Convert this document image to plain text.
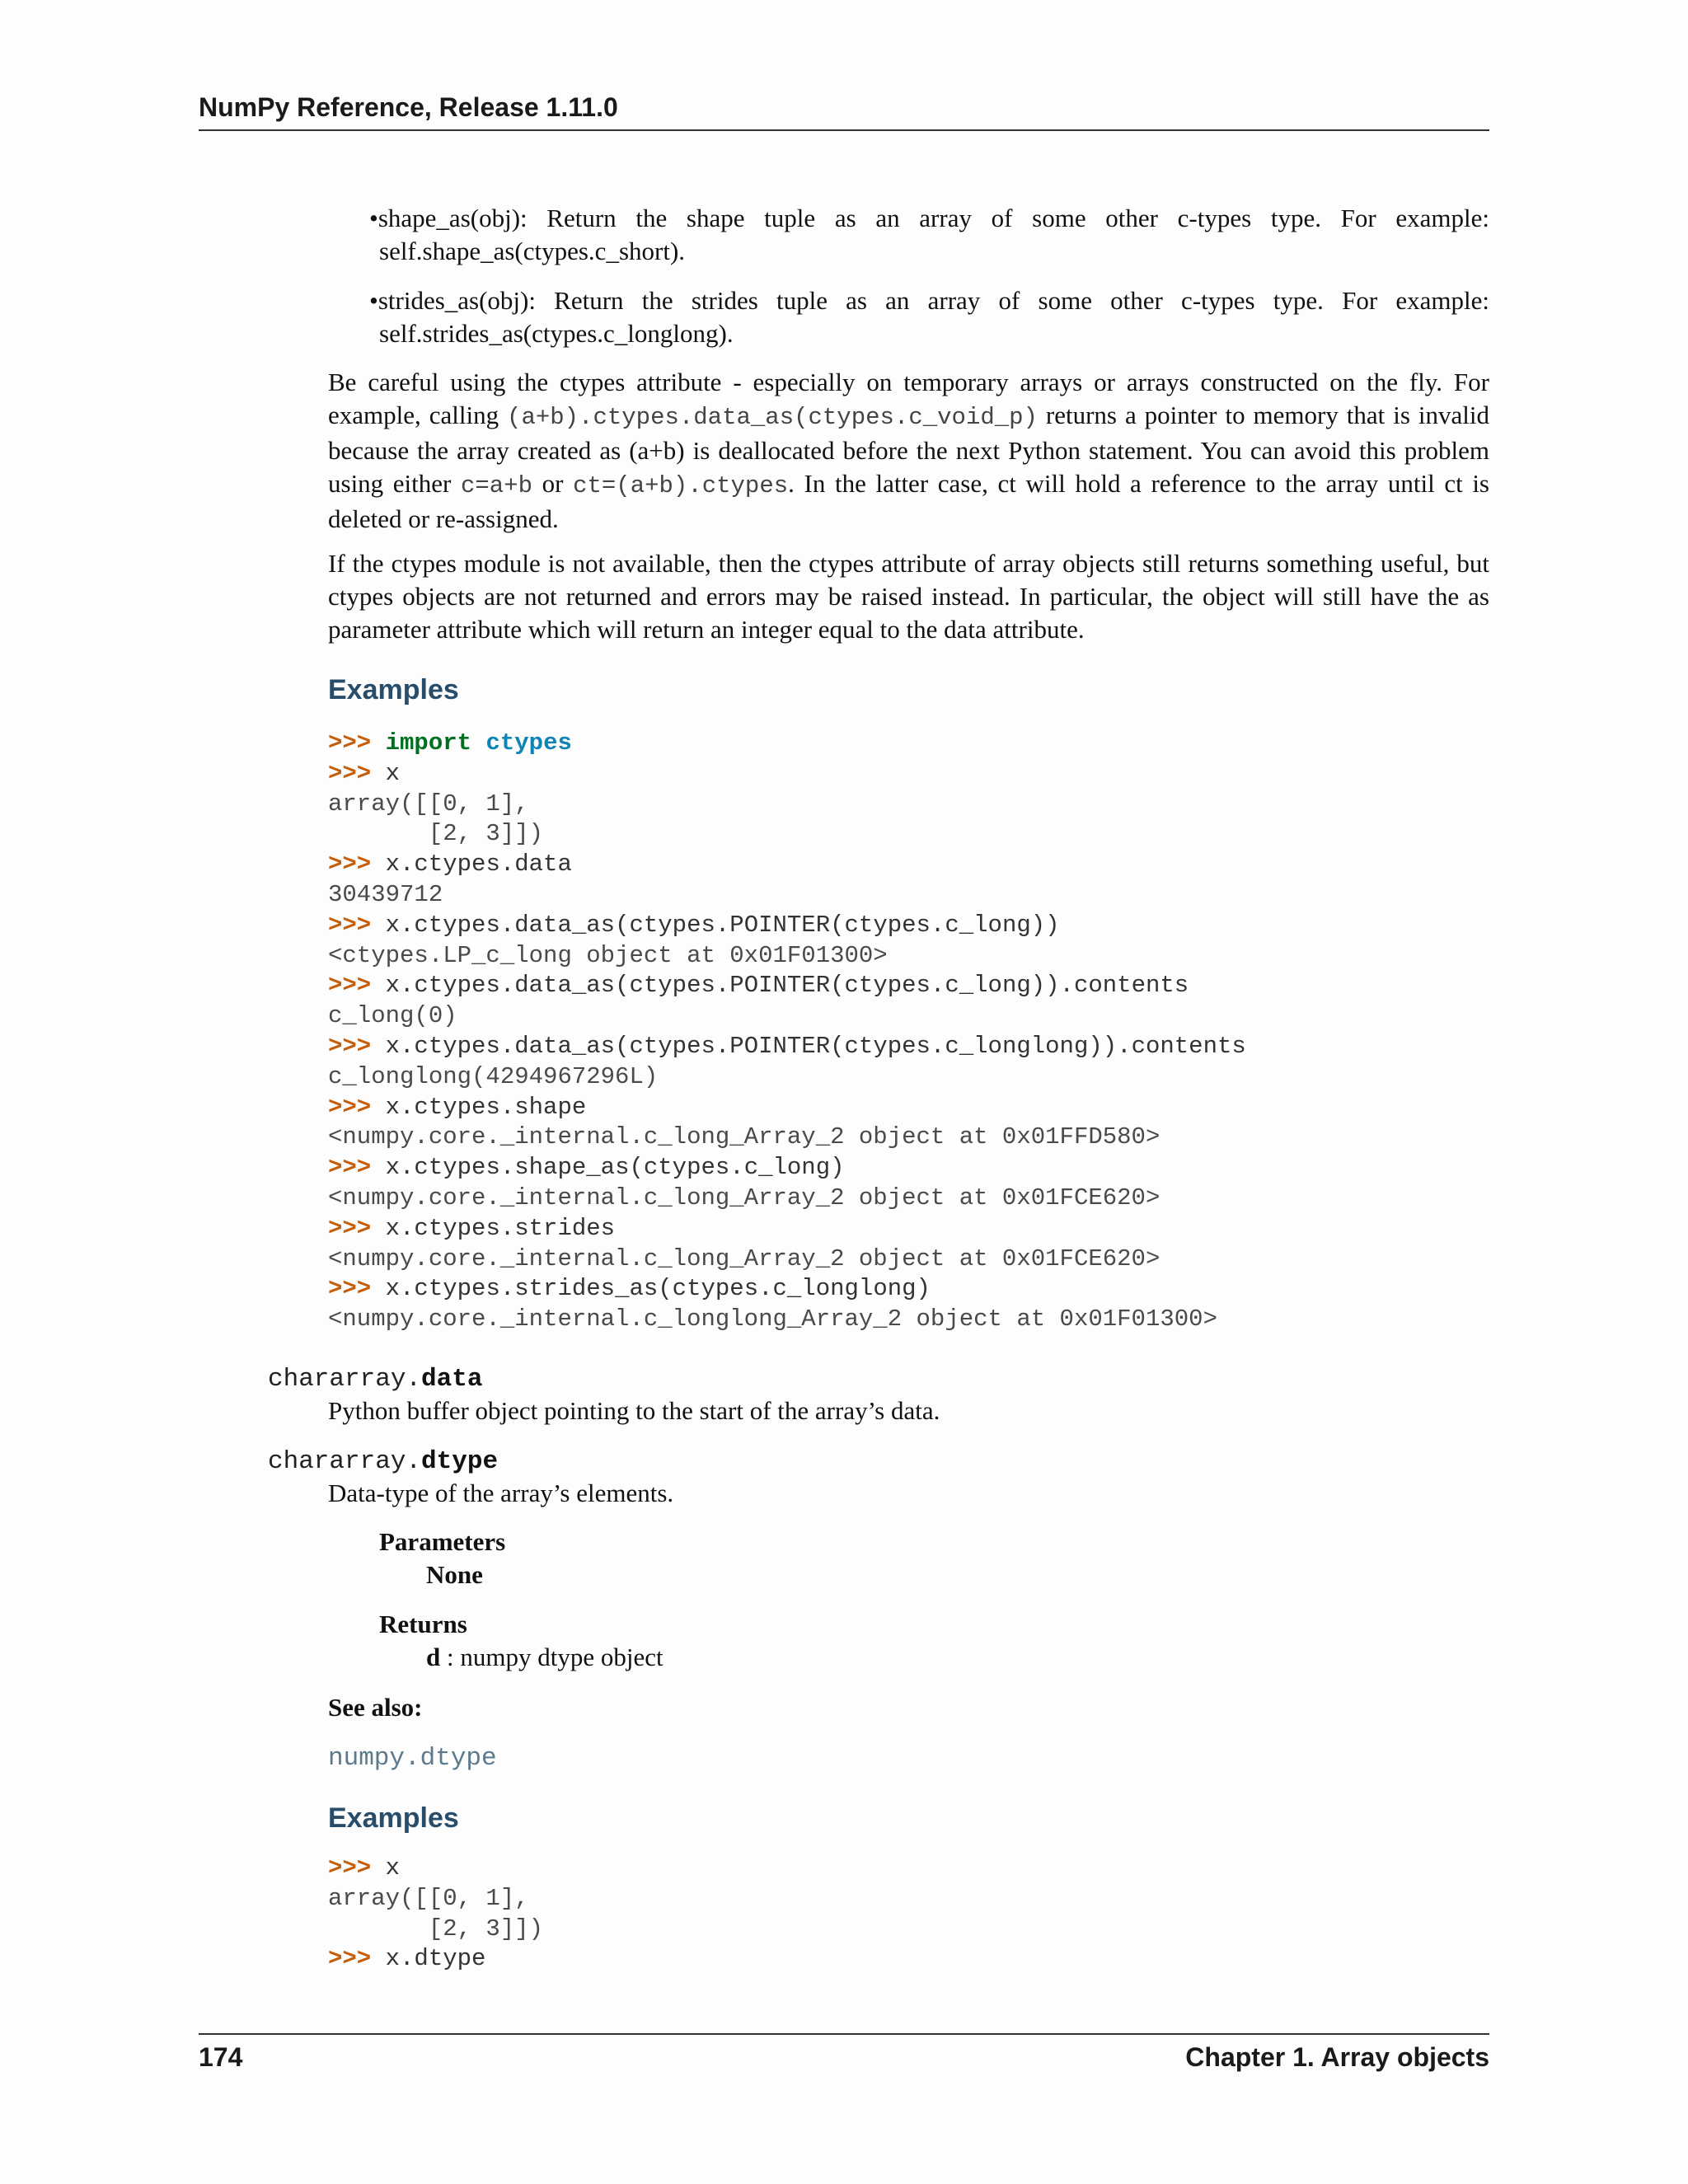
NumPy Reference, Release 1.11.0
•shape_as(obj): Return the shape tuple as an array of some other c-types type. For example:
self.shape_as(ctypes.c_short).
•strides_as(obj): Return the strides tuple as an array of some other c-types type. For example:
self.strides_as(ctypes.c_longlong).
Be careful using the ctypes attribute - especially on temporary arrays or arrays constructed on the fly. For example, calling (a+b).ctypes.data_as(ctypes.c_void_p) returns a pointer to memory that is invalid because the array created as (a+b) is deallocated before the next Python statement. You can avoid this problem using either c=a+b or ct=(a+b).ctypes. In the latter case, ct will hold a reference to the array until ct is deleted or re-assigned.
If the ctypes module is not available, then the ctypes attribute of array objects still returns something useful, but ctypes objects are not returned and errors may be raised instead. In particular, the object will still have the as parameter attribute which will return an integer equal to the data attribute.
Examples
>>> import ctypes
>>> x
array([[0, 1],
[2, 3]])
>>> x.ctypes.data
30439712
>>> x.ctypes.data_as(ctypes.POINTER(ctypes.c_long))
<ctypes.LP_c_long object at 0x01F01300>
>>> x.ctypes.data_as(ctypes.POINTER(ctypes.c_long)).contents
c_long(0)
>>> x.ctypes.data_as(ctypes.POINTER(ctypes.c_longlong)).contents
c_longlong(4294967296L)
>>> x.ctypes.shape
<numpy.core._internal.c_long_Array_2 object at 0x01FFD580>
>>> x.ctypes.shape_as(ctypes.c_long)
<numpy.core._internal.c_long_Array_2 object at 0x01FCE620>
>>> x.ctypes.strides
<numpy.core._internal.c_long_Array_2 object at 0x01FCE620>
>>> x.ctypes.strides_as(ctypes.c_longlong)
<numpy.core._internal.c_longlong_Array_2 object at 0x01F01300>
chararray.data
Python buffer object pointing to the start of the array’s data.
chararray.dtype
Data-type of the array’s elements.
Parameters
None
Returns
d : numpy dtype object
See also:
numpy.dtype
Examples
>>> x
array([[0, 1],
[2, 3]])
>>> x.dtype
174	Chapter 1. Array objects
